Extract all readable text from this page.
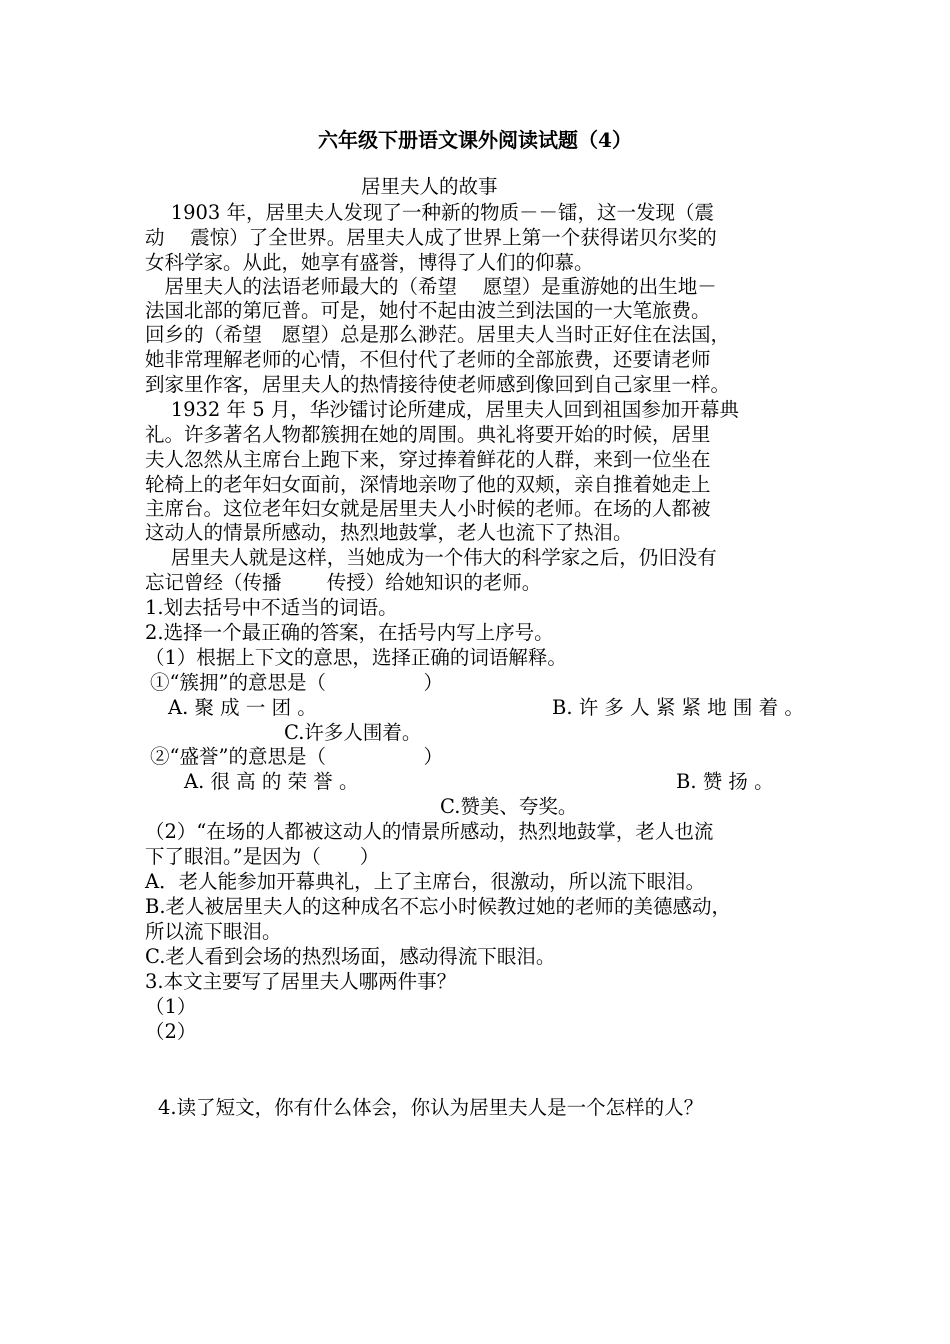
六年级下册语文课外阅读试题（4）
居里夫人的故事
　 1903 年，居里夫人发现了一种新的物质－－镭，这一发现（震
动　 震惊）了全世界。居里夫人成了世界上第一个获得诺贝尔奖的
女科学家。从此，她享有盛誉，博得了人们的仰慕。
　居里夫人的法语老师最大的（希望　 愿望）是重游她的出生地－
法国北部的第厄普。可是，她付不起由波兰到法国的一大笔旅费。
回乡的（希望　愿望）总是那么渺茫。居里夫人当时正好住在法国，
她非常理解老师的心情，不但付代了老师的全部旅费，还要请老师
到家里作客，居里夫人的热情接待使老师感到像回到自己家里一样。
　 1932 年 5 月，华沙镭讨论所建成，居里夫人回到祖国参加开幕典
礼。许多著名人物都簇拥在她的周围。典礼将要开始的时候，居里
夫人忽然从主席台上跑下来，穿过捧着鲜花的人群，来到一位坐在
轮椅上的老年妇女面前，深情地亲吻了他的双颊，亲自推着她走上
主席台。这位老年妇女就是居里夫人小时候的老师。在场的人都被
这动人的情景所感动，热烈地鼓掌，老人也流下了热泪。
　 居里夫人就是这样，当她成为一个伟大的科学家之后，仍旧没有
忘记曾经（传播　　 传授）给她知识的老师。
1.划去括号中不适当的词语。
2.选择一个最正确的答案，在括号内写上序号。
（1）根据上下文的意思，选择正确的词语解释。
①“簇拥”的意思是（　　　　　）
A. 聚 成 一 团 。	B. 许 多 人 紧 紧 地 围 着 。
C.许多人围着。
②“盛誉”的意思是（　　　　　）
A. 很 高 的 荣 誉 。	B. 赞 扬 。
C.赞美、夸奖。
（2）“在场的人都被这动人的情景所感动，热烈地鼓掌，老人也流
下了眼泪。”是因为（　　）
A．老人能参加开幕典礼，上了主席台，很激动，所以流下眼泪。
B.老人被居里夫人的这种成名不忘小时候教过她的老师的美德感动，
所以流下眼泪。
C.老人看到会场的热烈场面，感动得流下眼泪。
3.本文主要写了居里夫人哪两件事？
（1）
（2）
4.读了短文，你有什么体会，你认为居里夫人是一个怎样的人？
